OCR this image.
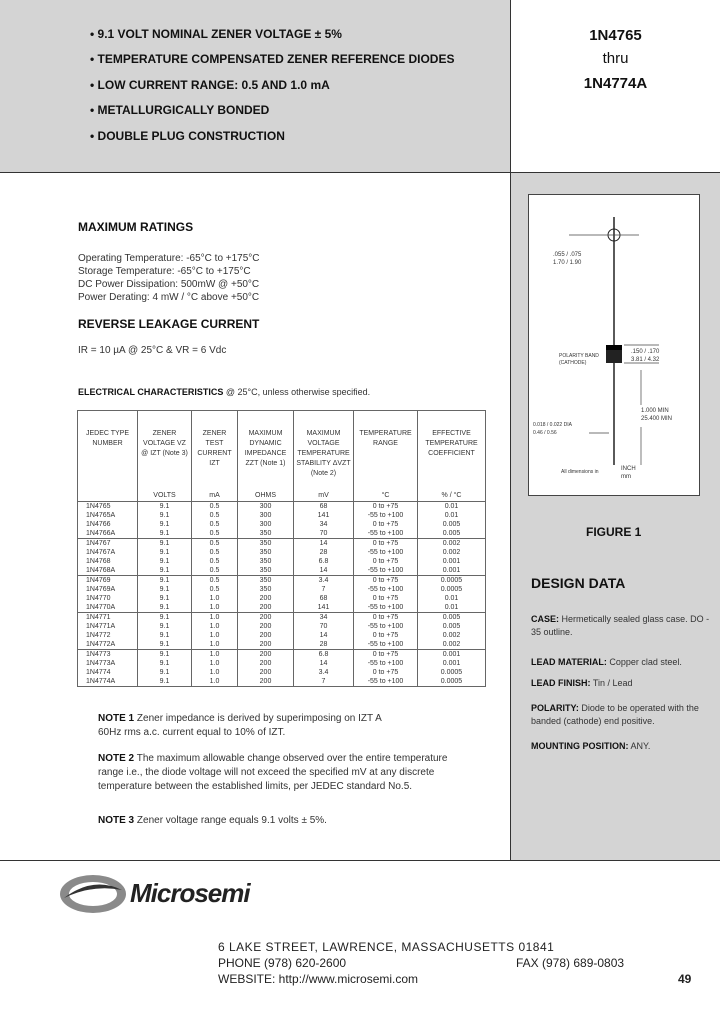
• 9.1 VOLT NOMINAL ZENER VOLTAGE ± 5%
• TEMPERATURE COMPENSATED ZENER REFERENCE DIODES
• LOW CURRENT RANGE: 0.5 AND 1.0 mA
• METALLURGICALLY BONDED
• DOUBLE PLUG CONSTRUCTION
1N4765
thru
1N4774A
MAXIMUM RATINGS
Operating Temperature: -65°C to +175°C
Storage Temperature: -65°C to +175°C
DC Power Dissipation: 500mW @ +50°C
Power Derating: 4 mW / °C above +50°C
REVERSE LEAKAGE CURRENT
IR = 10 µA @ 25°C & VR = 6 Vdc
ELECTRICAL CHARACTERISTICS @ 25°C, unless otherwise specified.
JEDEC TYPE NUMBER	ZENER VOLTAGE VZ @ IZT (Note 3)	ZENER TEST CURRENT IZT	MAXIMUM DYNAMIC IMPEDANCE ZZT (Note 1)	MAXIMUM VOLTAGE TEMPERATURE STABILITY ΔVZT (Note 2)	TEMPERATURE RANGE	EFFECTIVE TEMPERATURE COEFFICIENT
	VOLTS	mA	OHMS	mV	°C	% / °C
1N4765	9.1	0.5	300	68	0 to +75	0.01
1N4765A	9.1	0.5	300	141	-55 to +100	0.01
1N4766	9.1	0.5	300	34	0 to +75	0.005
1N4766A	9.1	0.5	350	70	-55 to +100	0.005
1N4767	9.1	0.5	350	14	0 to +75	0.002
1N4767A	9.1	0.5	350	28	-55 to +100	0.002
1N4768	9.1	0.5	350	6.8	0 to +75	0.001
1N4768A	9.1	0.5	350	14	-55 to +100	0.001
1N4769	9.1	0.5	350	3.4	0 to +75	0.0005
1N4769A	9.1	0.5	350	7	-55 to +100	0.0005
1N4770	9.1	1.0	200	68	0 to +75	0.01
1N4770A	9.1	1.0	200	141	-55 to +100	0.01
1N4771	9.1	1.0	200	34	0 to +75	0.005
1N4771A	9.1	1.0	200	70	-55 to +100	0.005
1N4772	9.1	1.0	200	14	0 to +75	0.002
1N4772A	9.1	1.0	200	28	-55 to +100	0.002
1N4773	9.1	1.0	200	6.8	0 to +75	0.001
1N4773A	9.1	1.0	200	14	-55 to +100	0.001
1N4774	9.1	1.0	200	3.4	0 to +75	0.0005
1N4774A	9.1	1.0	200	7	-55 to +100	0.0005
NOTE 1 Zener impedance is derived by superimposing on IZT A 60Hz rms a.c. current equal to 10% of IZT.
NOTE 2 The maximum allowable change observed over the entire temperature range i.e., the diode voltage will not exceed the specified mV at any discrete temperature between the established limits, per JEDEC standard No.5.
NOTE 3 Zener voltage range equals 9.1 volts ± 5%.
.055 / .075
1.70 / 1.90
POLARITY BAND (CATHODE)
.150 / .170
3.81 / 4.32
1.000 MIN
25.400 MIN
0.018 / 0.022 DIA
0.46 / 0.56
All dimensions in	INCH
mm
FIGURE 1
DESIGN DATA
CASE: Hermetically sealed glass case. DO - 35 outline.
LEAD MATERIAL: Copper clad steel.
LEAD FINISH: Tin / Lead
POLARITY: Diode to be operated with the banded (cathode) end positive.
MOUNTING POSITION: ANY.
Microsemi
6 LAKE STREET, LAWRENCE, MASSACHUSETTS 01841
PHONE (978) 620-2600	FAX (978) 689-0803
WEBSITE: http://www.microsemi.com	49
